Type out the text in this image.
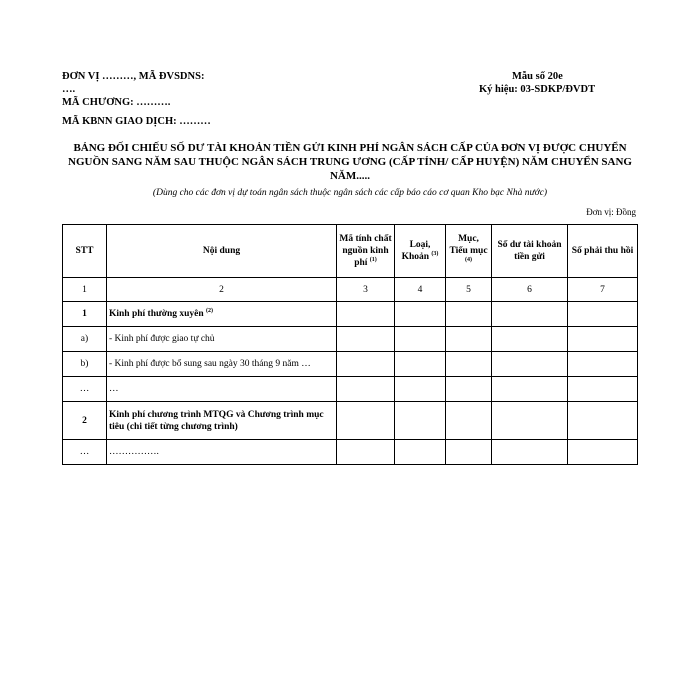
ĐƠN VỊ ………, MÃ ĐVSDNS:
….
MÃ CHƯƠNG: ……….
MÃ KBNN GIAO DỊCH: ………
Mẫu số 20e
Ký hiệu: 03-SDKP/ĐVDT
BẢNG ĐỐI CHIẾU SỐ DƯ TÀI KHOẢN TIỀN GỬI KINH PHÍ NGÂN SÁCH CẤP CỦA ĐƠN VỊ ĐƯỢC CHUYỂN NGUỒN SANG NĂM SAU THUỘC NGÂN SÁCH TRUNG ƯƠNG (CẤP TỈNH/ CẤP HUYỆN) NĂM CHUYỂN SANG NĂM.....
(Dùng cho các đơn vị dự toán ngân sách thuộc ngân sách các cấp báo cáo cơ quan Kho bạc Nhà nước)
Đơn vị: Đồng
STT	Nội dung	Mã tính chất nguồn kinh phí $^{(1)}$	Loại, Khoản $^{(3)}$	Mục, Tiểu mục $^{(4)}$	Số dư tài khoản tiền gửi	Số phải thu hồi
1	2	3	4	5	6	7
1	Kinh phí thường xuyên $^{(2)}$					
a)	- Kinh phí được giao tự chủ					
b)	- Kinh phí được bổ sung sau ngày 30 tháng 9 năm …					
…	…					
2	Kinh phí chương trình MTQG và Chương trình mục tiêu (chi tiết từng chương trình)					
…	…………….					
